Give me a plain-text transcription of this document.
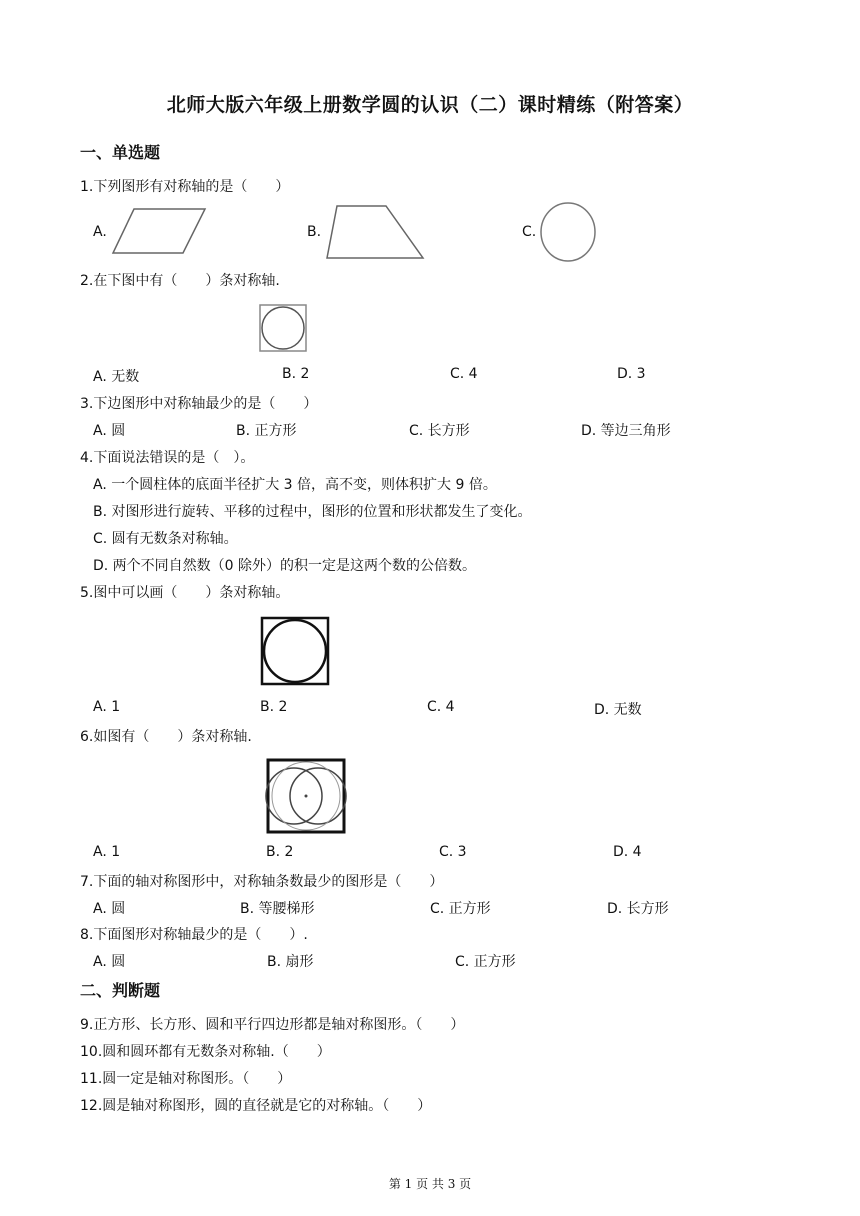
北师大版六年级上册数学圆的认识（二）课时精练（附答案）
一、单选题
1.下列图形有对称轴的是（　　）
A.	B.	C.
2.在下图中有（　　）条对称轴.
A. 无数	B. 2	C. 4	D. 3
3.下边图形中对称轴最少的是（　　）
A. 圆	B. 正方形	C. 长方形	D. 等边三角形
4.下面说法错误的是（　）。
A. 一个圆柱体的底面半径扩大 3 倍，高不变，则体积扩大 9 倍。
B. 对图形进行旋转、平移的过程中，图形的位置和形状都发生了变化。
C. 圆有无数条对称轴。
D. 两个不同自然数（0 除外）的积一定是这两个数的公倍数。
5.图中可以画（　　）条对称轴。
A. 1	B. 2	C. 4	D. 无数
6.如图有（　　）条对称轴.
A. 1	B. 2	C. 3	D. 4
7.下面的轴对称图形中，对称轴条数最少的图形是（　　）
A. 圆	B. 等腰梯形	C. 正方形	D. 长方形
8.下面图形对称轴最少的是（　　）.
A. 圆	B. 扇形	C. 正方形
二、判断题
9.正方形、长方形、圆和平行四边形都是轴对称图形。（　　）
10.圆和圆环都有无数条对称轴.（　　）
11.圆一定是轴对称图形。（　　）
12.圆是轴对称图形，圆的直径就是它的对称轴。（　　）
第 1 页 共 3 页
